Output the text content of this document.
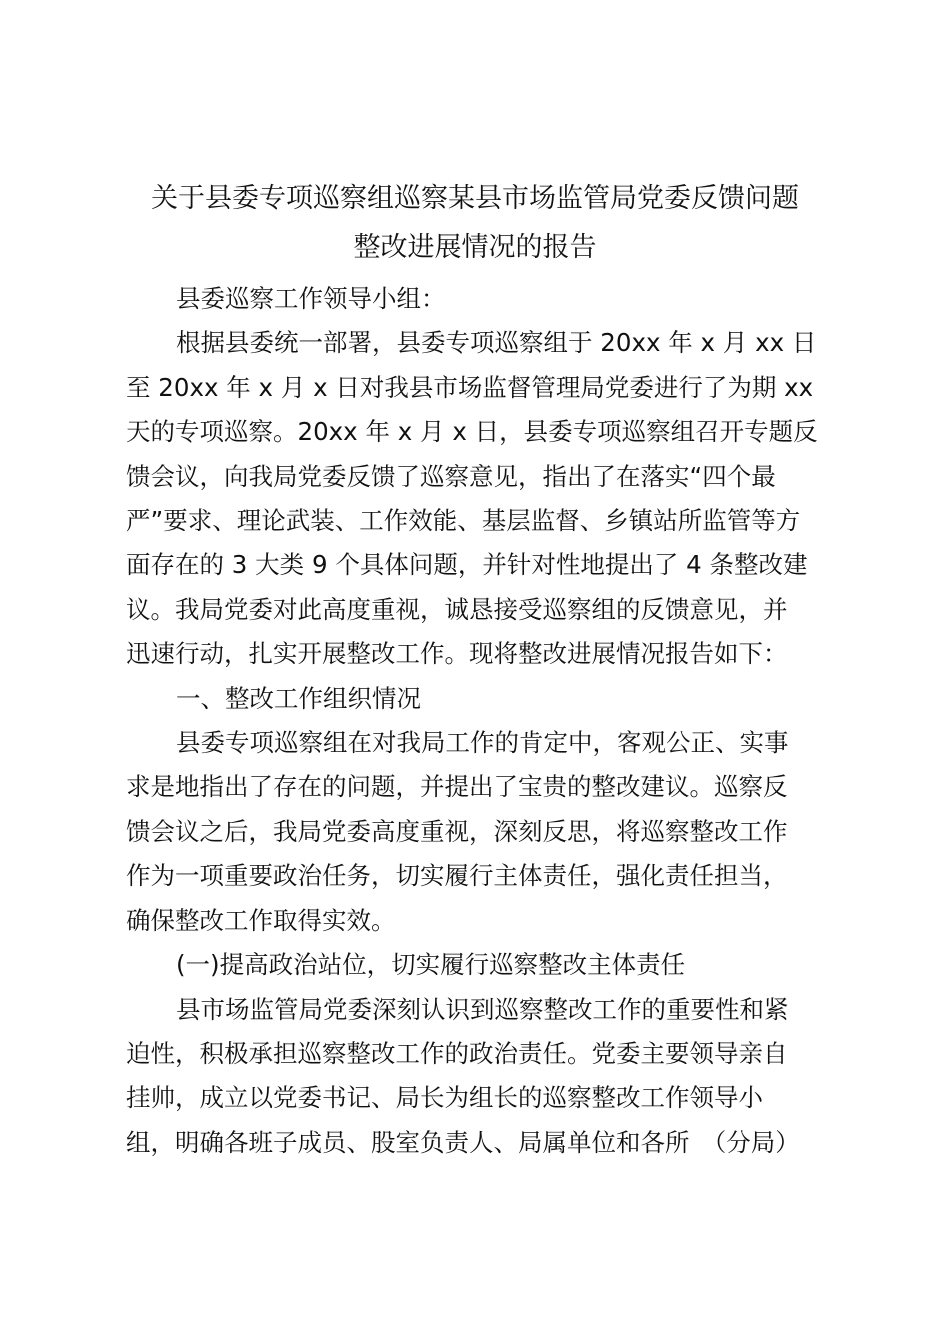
关于县委专项巡察组巡察某县市场监管局党委反馈问题
整改进展情况的报告
县委巡察工作领导小组：
根据县委统一部署，县委专项巡察组于 20xx 年 x 月 xx 日
至 20xx 年 x 月 x 日对我县市场监督管理局党委进行了为期 xx
天的专项巡察。20xx 年 x 月 x 日，县委专项巡察组召开专题反
馈会议，向我局党委反馈了巡察意见，指出了在落实“四个最
严”要求、理论武装、工作效能、基层监督、乡镇站所监管等方
面存在的 3 大类 9 个具体问题，并针对性地提出了 4 条整改建
议。我局党委对此高度重视，诚恳接受巡察组的反馈意见，并
迅速行动，扎实开展整改工作。现将整改进展情况报告如下：
一、整改工作组织情况
县委专项巡察组在对我局工作的肯定中，客观公正、实事
求是地指出了存在的问题，并提出了宝贵的整改建议。巡察反
馈会议之后，我局党委高度重视，深刻反思，将巡察整改工作
作为一项重要政治任务，切实履行主体责任，强化责任担当，
确保整改工作取得实效。
(一)提高政治站位，切实履行巡察整改主体责任
县市场监管局党委深刻认识到巡察整改工作的重要性和紧
迫性，积极承担巡察整改工作的政治责任。党委主要领导亲自
挂帅，成立以党委书记、局长为组长的巡察整改工作领导小
组，明确各班子成员、股室负责人、局属单位和各所　（分局）
